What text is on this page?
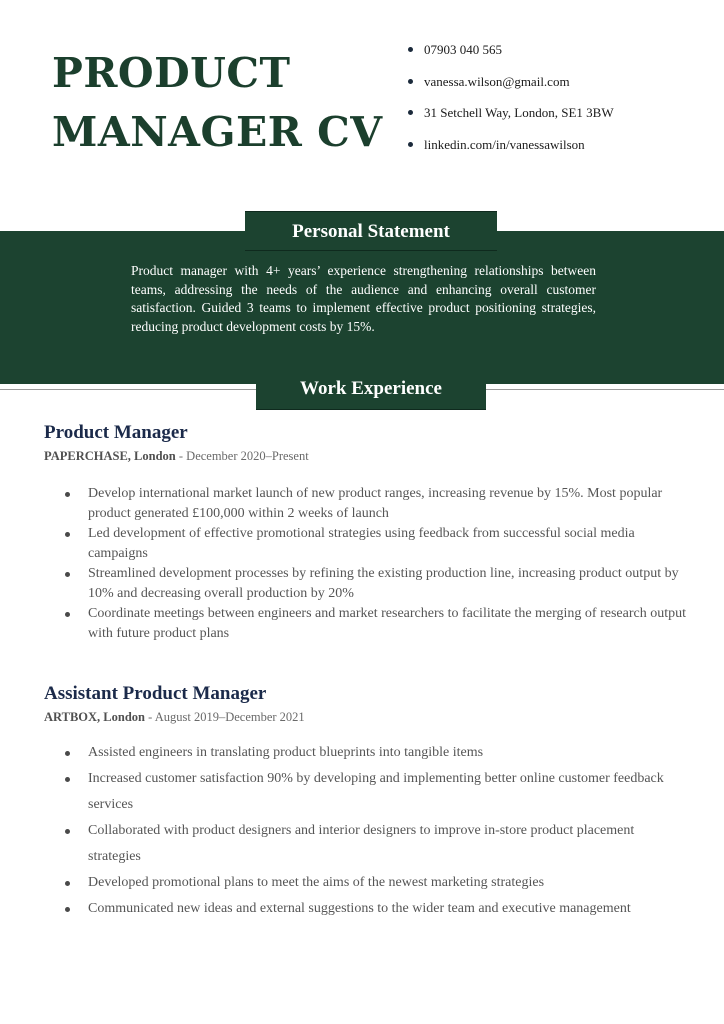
PRODUCT
MANAGER CV
07903 040 565
vanessa.wilson@gmail.com
31 Setchell Way, London, SE1 3BW
linkedin.com/in/vanessawilson
Personal Statement

Product manager with 4+ years’ experience strengthening relationships between teams, addressing the needs of the audience and enhancing overall customer satisfaction. Guided 3 teams to implement effective product positioning strategies, reducing product development costs by 15%.

Work Experience
Product Manager

PAPERCHASE, London - December 2020–Present

Develop international market launch of new product ranges, increasing revenue by 15%. Most popular product generated £100,000 within 2 weeks of launch
Led development of effective promotional strategies using feedback from successful social media campaigns
Streamlined development processes by refining the existing production line, increasing product output by 10% and decreasing overall production by 20%
Coordinate meetings between engineers and market researchers to facilitate the merging of research output with future product plans
Assistant Product Manager

ARTBOX, London - August 2019–December 2021

Assisted engineers in translating product blueprints into tangible items
Increased customer satisfaction 90% by developing and implementing better online customer feedback services
Collaborated with product designers and interior designers to improve in-store product placement strategies
Developed promotional plans to meet the aims of the newest marketing strategies
Communicated new ideas and external suggestions to the wider team and executive management
